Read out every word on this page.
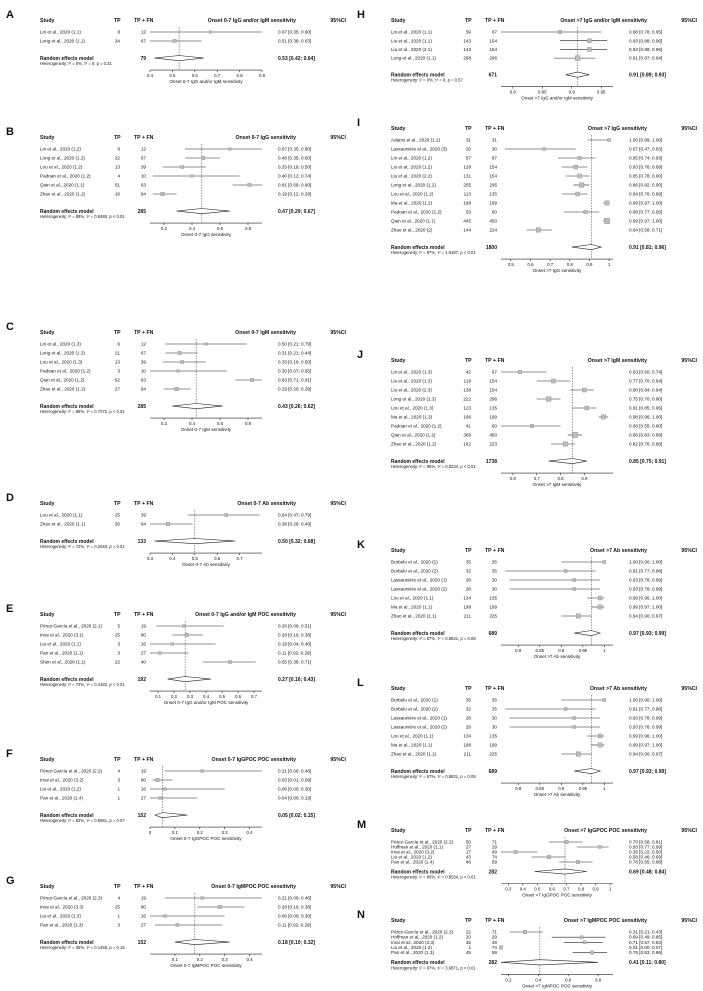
A	Study	TP	TP + FN	Onset 0-7 IgG and/or IgM sensitivity	95%CI
Lin et al., 2020 (1.1)	8	12	0.67 [0.35; 0.90]
Long et al., 2020 (1.1)	34	67	0.51 [0.38; 0.63]
Random effects model	79	0.53 [0.42; 0.64]
Heterogeneity: I² = 0%, τ² = 0, p = 0.31
0.4	0.5	0.6	0.7	0.8	0.9
Onset 0-7 IgG and/or IgM sensitivity
B	Study	TP	TP + FN	Onset 0-7 IgG sensitivity	95%CI
Lin et al., 2020 (1.2)	8	12	0.67 [0.35; 0.90]
Long et al., 2020 (1.2)	32	67	0.48 [0.35; 0.60]
Lou et al., 2020 (1.2)	13	39	0.33 [0.19; 0.50]
Padoan et al., 2020 (1.2)	4	10	0.40 [0.12; 0.74]
Qian et al., 2020 (1.1)	51	63	0.81 [0.69; 0.90]
Zhao et al., 2020 (1.2)	18	94	0.19 [0.12; 0.29]
Random effects model	285	0.47 [0.29; 0.67]
Heterogeneity: I² = 88%, τ² = 0.8480, p < 0.01
0.2	0.4	0.6	0.8
Onset 0-7 IgG sensitivity
C	Study	TP	TP + FN	Onset 0-7 IgM sensitivity	95%CI
Lin et al., 2020 (1.3)	6	12	0.50 [0.21; 0.79]
Long et al., 2020 (1.3)	21	67	0.31 [0.21; 0.44]
Lou et al., 2020 (1.3)	13	39	0.33 [0.19; 0.50]
Padoan et al., 2020 (1.2)	3	10	0.30 [0.07; 0.65]
Qian et al., 2020 (1.2)	52	63	0.83 [0.71; 0.91]
Zhao et al., 2020 (1.2)	27	94	0.29 [0.20; 0.39]
Random effects model	285	0.43 [0.26; 0.62]
Heterogeneity: I² = 86%, τ² = 0.7272, p < 0.01
0.2	0.4	0.6	0.8
Onset 0-7 IgM sensitivity
D	Study	TP	TP + FN	Onset 0-7 Ab sensitivity	95%CI
Lou et al., 2020 (1.1)	25	39	0.64 [0.47; 0.79]
Zhao et al., 2020 (1.1)	36	94	0.38 [0.28; 0.49]
Random effects model	133	0.50 [0.32; 0.68]
Heterogeneity: I² = 72%, τ² = 0.2040, p = 0.01
0.3	0.4	0.5	0.6	0.7
Onset 0-7 Ab sensitivity
E	Study	TP	TP + FN	Onset 0-7 IgG and/or IgM POC sensitivity	95%CI
Pérez-García et al., 2020 (2.1)	5	19	0.26 [0.09; 0.51]
Imai et al., 2020 (3.1)	25	90	0.28 [0.19; 0.38]
Liu et al., 2020 (1.1)	3	16	0.19 [0.04; 0.46]
Pan et al., 2020 (1.1)	3	27	0.11 [0.02; 0.29]
Shen et al., 2020 (1.1)	22	40	0.55 [0.38; 0.71]
Random effects model	192	0.27 [0.16; 0.43]
Heterogeneity: I² = 72%, τ² = 0.4182, p < 0.01
0.1 0.2 0.3 0.4 0.5 0.6 0.7
Onset 0-7 IgG and/or IgM POC sensitivity
F	Study	TP	TP + FN	Onset 0-7 IgGPOC POC sensitivity	95%CI
Pérez-García et al., 2020 (2.2)	4	19	0.21 [0.06; 0.46]
Imai et al., 2020 (3.2)	3	90	0.03 [0.01; 0.09]
Liu et al., 2020 (1.2)	1	16	0.06 [0.00; 0.30]
Pan et al., 2020 (1.4)	1	27	0.04 [0.00; 0.19]
Random effects model	152	0.05 [0.02; 0.15]
Heterogeneity: I² = 52%, τ² = 0.5561, p = 0.07
0	0.1	0.2	0.3	0.4
Onset 0-7 IgGPOC POC sensitivity
G	Study	TP	TP + FN	Onset 0-7 IgMPOC POC sensitivity	95%CI
Pérez-García et al., 2020 (2.3)	4	19	0.21 [0.06; 0.46]
Imai et al., 2020 (3.3)	25	90	0.28 [0.19; 0.38]
Liu et al., 2020 (1.3)	1	16	0.06 [0.00; 0.30]
Pan et al., 2020 (1.3)	3	27	0.11 [0.02; 0.29]
Random effects model	152	0.18 [0.10; 0.32]
Heterogeneity: I² = 35%, τ² = 0.1455, p = 0.15
0.1	0.2	0.3	0.4
Onset 0-7 IgMPOC POC sensitivity
H	Study	TP	TP + FN	Onset >7 IgG and/or IgM sensitivity	95%CI
Lin et al., 2020 (1.1)	59	67	0.88 [0.78; 0.95]
Liu et al., 2020 (1.1)	143	154	0.93 [0.88; 0.96]
Liu et al., 2020 (2.1)	143	154	0.93 [0.88; 0.96]
Long et al., 2020 (1.1)	268	296	0.91 [0.87; 0.94]
Random effects model	671	0.91 [0.89; 0.93]
Heterogeneity: I² = 0%, τ² = 0, p = 0.57
0.8	0.85	0.9	0.95
Onset >7 IgG and/or IgM sensitivity
I	Study	TP	TP + FN	Onset >7 IgG sensitivity	95%CI
Adams et al., 2020 (1.2)	31	31	1.00 [0.89; 1.00]
Lassaunière et al., 2020 (3)	20	30	0.67 [0.47; 0.83]
Lin et al., 2020 (1.2)	57	67	0.85 [0.74; 0.93]
Liu et al., 2020 (1.2)	128	154	0.83 [0.76; 0.89]
Liu et al., 2020 (2.2)	131	154	0.85 [0.78; 0.90]
Long et al., 2020 (1.2)	255	295	0.86 [0.82; 0.90]
Lou et al., 2020 (1.2)	113	135	0.84 [0.76; 0.89]
Ma et al., 2020 (1.2)	198	199	0.99 [0.97; 1.00]
Padoan et al., 2020 (1.2)	53	60	0.88 [0.77; 0.95]
Qian et al., 2020 (1.1)	445	450	0.99 [0.97; 1.00]
Zhao et al., 2020 (2)	144	224	0.64 [0.58; 0.71]
Random effects model	1800	0.91 [0.81; 0.96]
Heterogeneity: I² = 97%, τ² = 1.9187, p < 0.01
0.5	0.6	0.7	0.8	0.9	1
Onset >7 IgG sensitivity
J	Study	TP	TP + FN	Onset >7 IgM sensitivity	95%CI
Lin et al., 2020 (1.3)	42	67	0.63 [0.50; 0.74]
Liu et al., 2020 (1.3)	119	154	0.77 [0.70; 0.84]
Liu et al., 2020 (2.3)	138	154	0.90 [0.84; 0.94]
Long et al., 2020 (1.3)	222	296	0.75 [0.70; 0.80]
Lou et al., 2020 (1.3)	123	135	0.91 [0.85; 0.95]
Ma et al., 2020 (1.3)	196	199	0.98 [0.96; 1.00]
Padoan et al., 2020 (1.2)	41	60	0.68 [0.55; 0.80]
Qian et al., 2020 (1.2)	389	450	0.86 [0.83; 0.89]
Zhao et al., 2020 (1.2)	182	223	0.82 [0.76; 0.86]
Random effects model	1738	0.85 [0.75; 0.91]
Heterogeneity: I² = 95%, τ² = 0.8234, p < 0.01
0.6	0.7	0.8	0.9
Onset >7 IgM sensitivity
K	Study	TP	TP + FN	Onset >7 Ab sensitivity	95%CI
Burbelo et al., 2020 (1)	35	35	1.00 [0.90; 1.00]
Burbelo et al., 2020 (2)	32	35	0.91 [0.77; 0.98]
Lassaunière et al., 2020 (1)	28	30	0.93 [0.78; 0.99]
Lassaunière et al., 2020 (2)	28	30	0.93 [0.78; 0.99]
Lou et al., 2020 (1.1)	134	135	0.99 [0.96; 1.00]
Ma et al., 2020 (1.1)	198	199	0.99 [0.97; 1.00]
Zhao et al., 2020 (1.1)	211	225	0.94 [0.90; 0.97]
Random effects model	689	0.97 [0.93; 0.99]
Heterogeneity: I² = 67%, τ² = 0.8831, p = 0.08
0.8	0.85	0.9	0.95	1
Onset >7 Ab sensitivity
L	Study	TP	TP + FN	Onset >7 Ab sensitivity	95%CI
Burbelo et al., 2020 (1)	35	35	1.00 [0.90; 1.00]
Burbelo et al., 2020 (2)	32	35	0.91 [0.77; 0.98]
Lassaunière et al., 2020 (1)	28	30	0.93 [0.78; 0.99]
Lassaunière et al., 2020 (2)	28	30	0.93 [0.78; 0.99]
Lou et al., 2020 (1.1)	134	135	0.99 [0.96; 1.00]
Ma et al., 2020 (1.1)	198	199	0.99 [0.97; 1.00]
Zhao et al., 2020 (1.1)	211	225	0.94 [0.90; 0.97]
Random effects model	689	0.97 [0.93; 0.99]
Heterogeneity: I² = 67%, τ² = 0.8831, p = 0.08
0.8	0.85	0.9	0.95	1
Onset >7 Ab sensitivity
M	Study	TP	TP + FN	Onset >7 IgGPOC POC sensitivity	95%CI
Pérez-García et al., 2020 (2.2)	50	71	0.70 [0.58; 0.81]
Hoffman et al., 2020 (1.1)	27	29	0.93 [0.77; 0.99]
Imai et al., 2020 (3.2)	17	49	0.35 [0.22; 0.50]
Liu et al., 2020 (1.2)	43	74	0.58 [0.46; 0.69]
Pan et al., 2020 (1.4)	46	59	0.78 [0.65; 0.88]
Random effects model	282	0.69 [0.48; 0.84]
Heterogeneity: I² = 90%, τ² = 0.8534, p < 0.01
0.3 0.4 0.5 0.6 0.7 0.8 0.9 1
Onset >7 IgGPOC POC sensitivity
N	Study	TP	TP + FN	Onset >7 IgMPOC POC sensitivity	95%CI
Pérez-García et al., 2020 (2.3)	22	71	0.31 [0.21; 0.43]
Hoffman et al., 2020 (1.2)	20	29	0.69 [0.49; 0.85]
Imai et al., 2020 (3.3)	35	49	0.71 [0.57; 0.83]
Liu et al., 2020 (1.3)	1	74	0.01 [0.00; 0.07]
Pan et al., 2020 (1.3)	45	59	0.76 [0.63; 0.86]
Random effects model	282	0.41 [0.11; 0.80]
Heterogeneity: I² = 97%, τ² = 3.6871, p < 0.01
0.2	0.4	0.6	0.8
Onset >7 IgMPOC POC sensitivity
